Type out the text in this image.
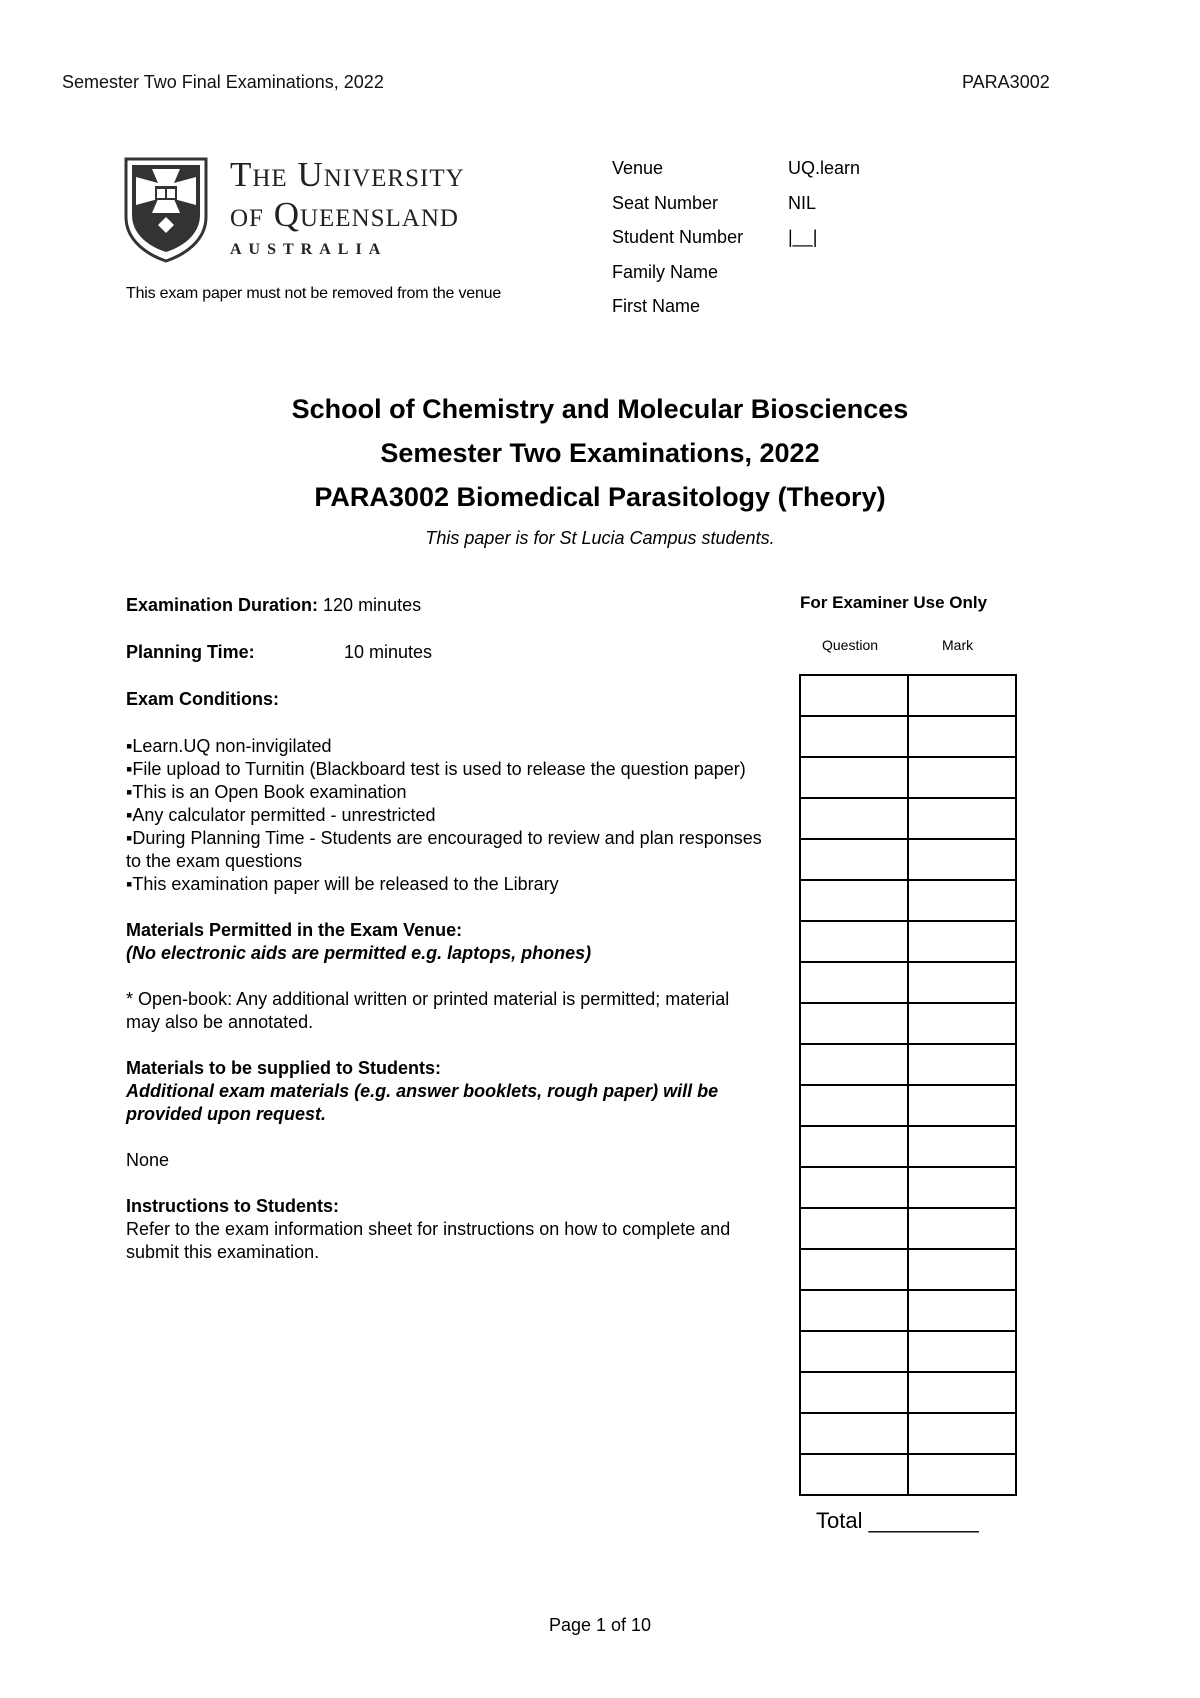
Semester Two Final Examinations, 2022	PARA3002
The University
of Queensland
AUSTRALIA
This exam paper must not be removed from the venue
Venue	UQ.learn
Seat Number	NIL
Student Number	|__|
Family Name
First Name
School of Chemistry and Molecular Biosciences
Semester Two Examinations, 2022
PARA3002 Biomedical Parasitology (Theory)
This paper is for St Lucia Campus students.

Examination Duration: 120 minutes

Planning Time:	10 minutes

Exam Conditions:

▪Learn.UQ non-invigilated

▪File upload to Turnitin (Blackboard test is used to release the question paper)

▪This is an Open Book examination

▪Any calculator permitted - unrestricted

▪During Planning Time - Students are encouraged to review and plan responses to the exam questions

▪This examination paper will be released to the Library

Materials Permitted in the Exam Venue:

(No electronic aids are permitted e.g. laptops, phones)

* Open-book: Any additional written or printed material is permitted; material may also be annotated.

Materials to be supplied to Students:

Additional exam materials (e.g. answer booklets, rough paper) will be provided upon request.

None

Instructions to Students:

Refer to the exam information sheet for instructions on how to complete and submit this examination.

For Examiner Use Only
Question	Mark

Total _________
Page 1 of 10
